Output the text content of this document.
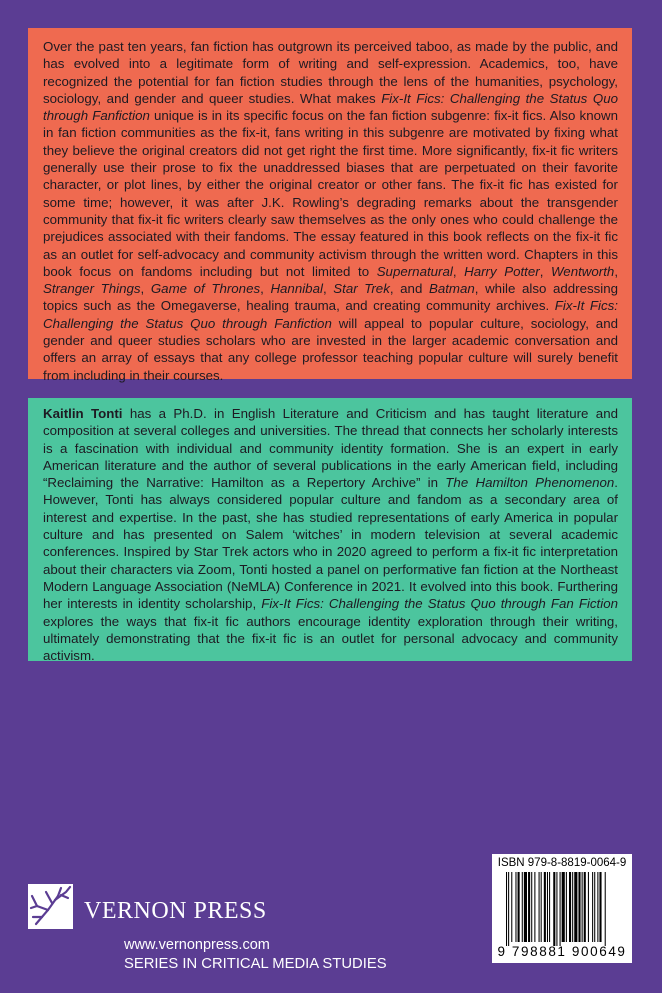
Over the past ten years, fan fiction has outgrown its perceived taboo, as made by the public, and has evolved into a legitimate form of writing and self-expression. Academics, too, have recognized the potential for fan fiction studies through the lens of the humanities, psychology, sociology, and gender and queer studies. What makes Fix-It Fics: Challenging the Status Quo through Fanfiction unique is in its specific focus on the fan fiction subgenre: fix-it fics. Also known in fan fiction communities as the fix-it, fans writing in this subgenre are motivated by fixing what they believe the original creators did not get right the first time. More significantly, fix-it fic writers generally use their prose to fix the unaddressed biases that are perpetuated on their favorite character, or plot lines, by either the original creator or other fans. The fix-it fic has existed for some time; however, it was after J.K. Rowling’s degrading remarks about the transgender community that fix-it fic writers clearly saw themselves as the only ones who could challenge the prejudices associated with their fandoms. The essay featured in this book reflects on the fix-it fic as an outlet for self-advocacy and community activism through the written word. Chapters in this book focus on fandoms including but not limited to Supernatural, Harry Potter, Wentworth, Stranger Things, Game of Thrones, Hannibal, Star Trek, and Batman, while also addressing topics such as the Omegaverse, healing trauma, and creating community archives. Fix-It Fics: Challenging the Status Quo through Fanfiction will appeal to popular culture, sociology, and gender and queer studies scholars who are invested in the larger academic conversation and offers an array of essays that any college professor teaching popular culture will surely benefit from including in their courses.

Kaitlin Tonti has a Ph.D. in English Literature and Criticism and has taught literature and composition at several colleges and universities. The thread that connects her scholarly interests is a fascination with individual and community identity formation. She is an expert in early American literature and the author of several publications in the early American field, including “Reclaiming the Narrative: Hamilton as a Repertory Archive” in The Hamilton Phenomenon. However, Tonti has always considered popular culture and fandom as a secondary area of interest and expertise. In the past, she has studied representations of early America in popular culture and has presented on Salem ‘witches’ in modern television at several academic conferences. Inspired by Star Trek actors who in 2020 agreed to perform a fix-it fic interpretation about their characters via Zoom, Tonti hosted a panel on performative fan fiction at the Northeast Modern Language Association (NeMLA) Conference in 2021. It evolved into this book. Furthering her interests in identity scholarship, Fix-It Fics: Challenging the Status Quo through Fan Fiction explores the ways that fix-it fic authors encourage identity exploration through their writing, ultimately demonstrating that the fix-it fic is an outlet for personal advocacy and community activism.

VERNON PRESS
www.vernonpress.com
SERIES IN CRITICAL MEDIA STUDIES
ISBN 979-8-8819-0064-9
9 798881 900649
